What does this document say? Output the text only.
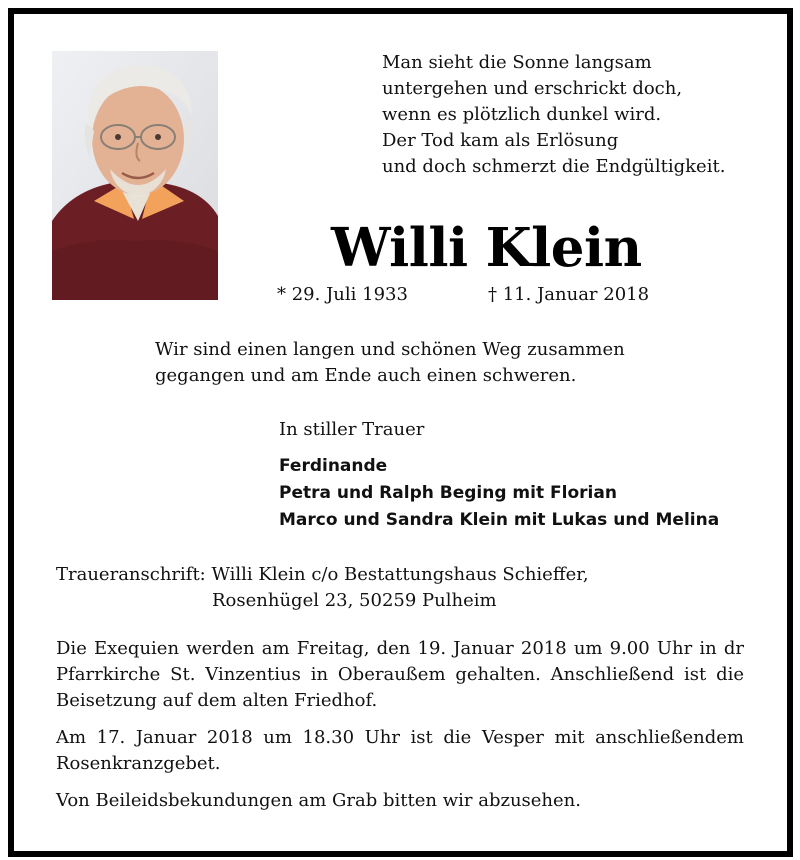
Man sieht die Sonne langsam
untergehen und erschrickt doch,
wenn es plötzlich dunkel wird.
Der Tod kam als Erlösung
und doch schmerzt die Endgültigkeit.
Willi Klein
* 29. Juli 1933	† 11. Januar 2018
Wir sind einen langen und schönen Weg zusammen
gegangen und am Ende auch einen schweren.
In stiller Trauer
Ferdinande
Petra und Ralph Beging mit Florian
Marco und Sandra Klein mit Lukas und Melina
Traueranschrift: Willi Klein c/o Bestattungshaus Schieffer,
Rosenhügel 23, 50259 Pulheim
Die Exequien werden am Freitag, den 19. Januar 2018 um 9.00 Uhr in dr Pfarrkirche St. Vinzentius in Oberaußem gehalten. Anschließend ist die Beisetzung auf dem alten Friedhof.
Am 17. Januar 2018 um 18.30 Uhr ist die Vesper mit anschließendem Rosenkranzgebet.
Von Beileidsbekundungen am Grab bitten wir abzusehen.
